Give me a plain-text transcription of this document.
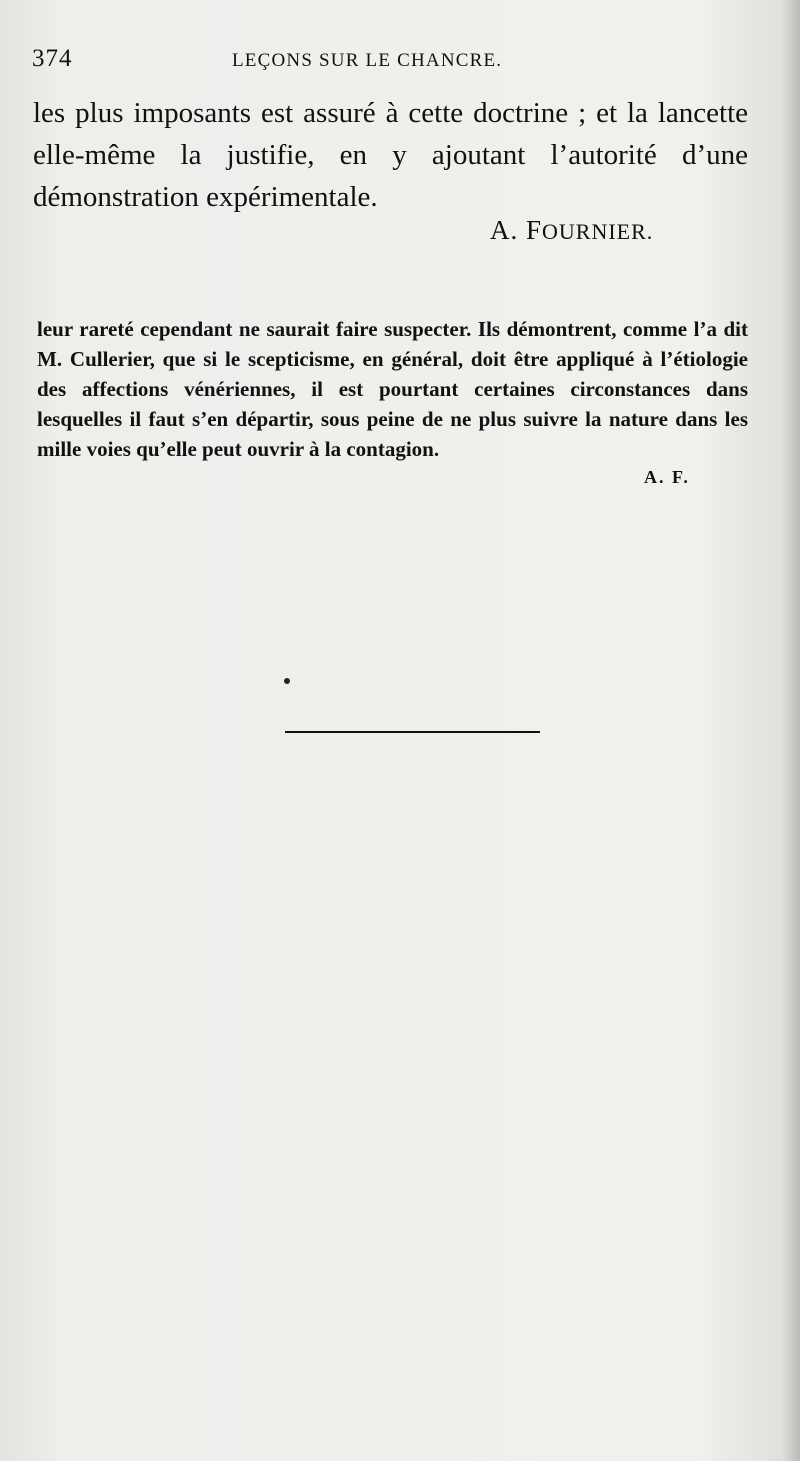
374	LEÇONS SUR LE CHANCRE.

les plus imposants est assuré à cette doctrine ; et la lancette elle-même la justifie, en y ajoutant l’autorité d’une démonstration expérimentale.

A. FOURNIER.

leur rareté cependant ne saurait faire suspecter. Ils démontrent, comme l’a dit M. Cullerier, que si le scepticisme, en général, doit être appliqué à l’étiologie des affections vénériennes, il est pourtant certaines circonstances dans lesquelles il faut s’en départir, sous peine de ne plus suivre la nature dans les mille voies qu’elle peut ouvrir à la contagion.

A. F.
